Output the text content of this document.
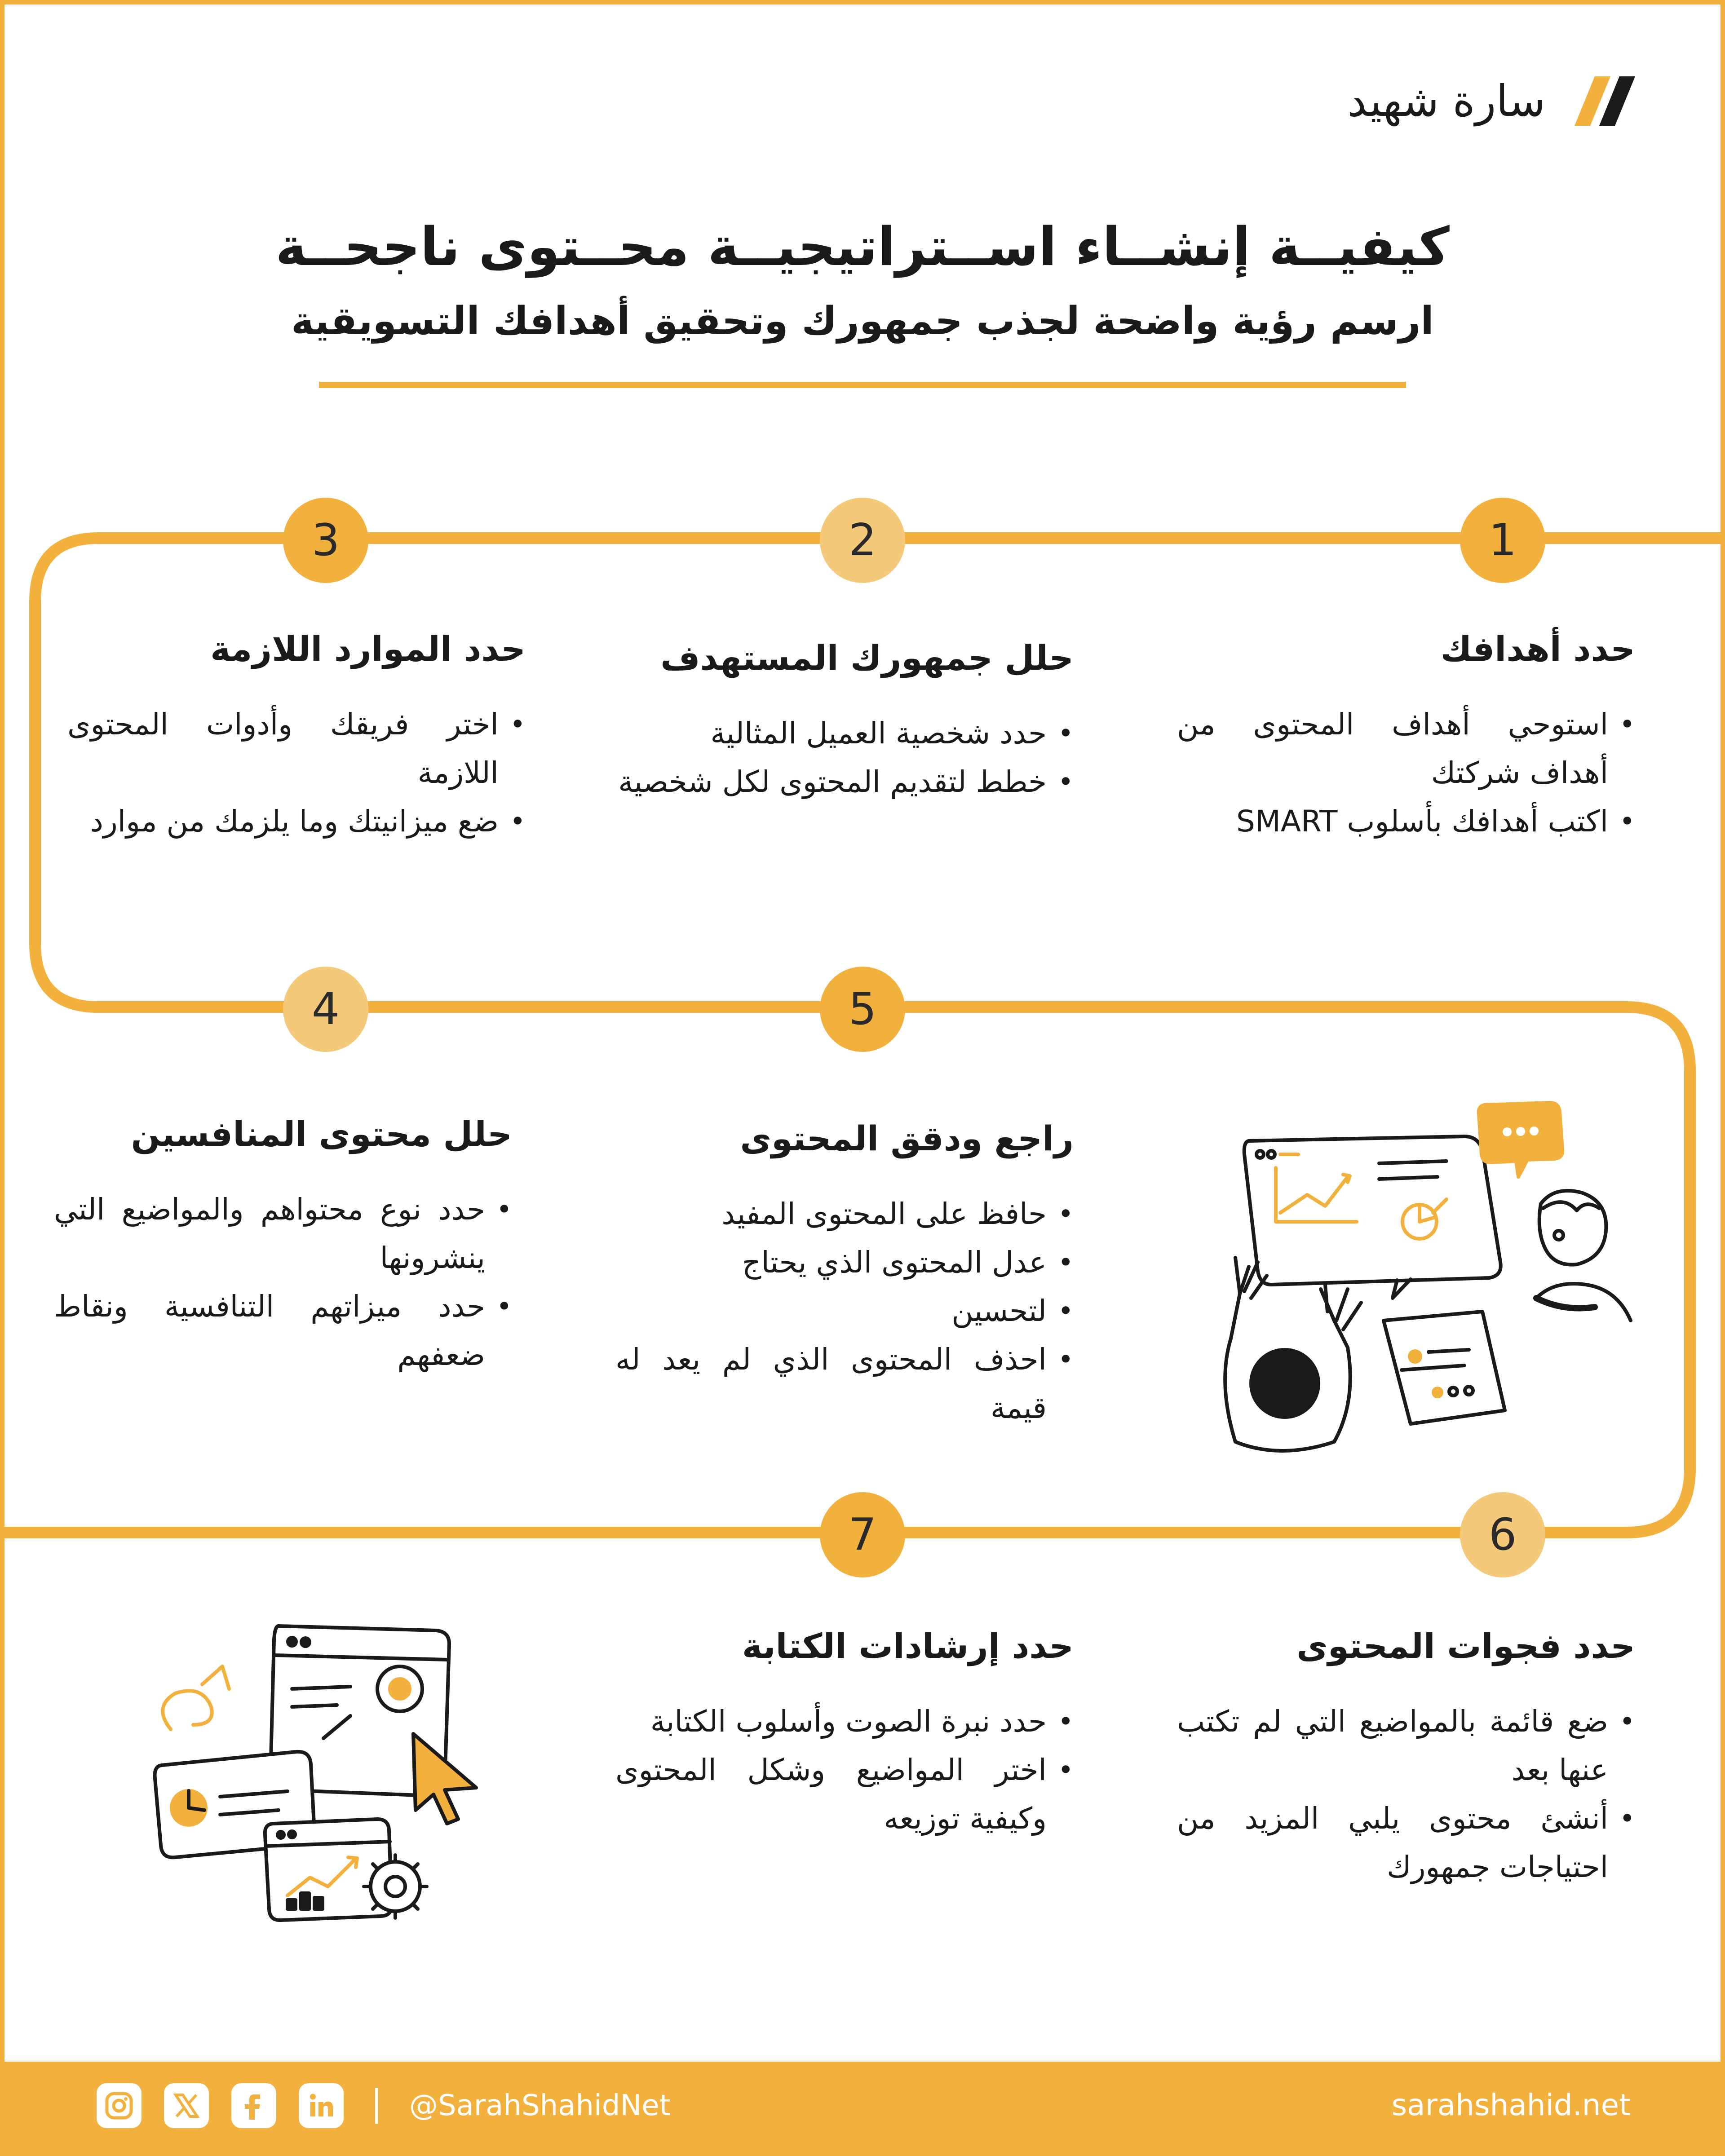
سارة شهيد
كيفيــة إنشــاء اســتراتيجيــة محــتوى ناجحــة
ارسم رؤية واضحة لجذب جمهورك وتحقيق أهدافك التسويقية
1
2
3
4	5
6
7
حدد أهدافك
• استوحي أهداف المحتوى من أهداف شركتك
• اكتب أهدافك بأسلوب SMART
حلل جمهورك المستهدف
• حدد شخصية العميل المثالية
• خطط لتقديم المحتوى لكل شخصية
حدد الموارد اللازمة
• اختر فريقك وأدوات المحتوى اللازمة
• ضع ميزانيتك وما يلزمك من موارد
حلل محتوى المنافسين
• حدد نوع محتواهم والمواضيع التي ينشرونها
• حدد ميزاتهم التنافسية ونقاط ضعفهم
راجع ودقق المحتوى
• حافظ على المحتوى المفيد
• عدل المحتوى الذي يحتاج
• لتحسين
• احذف المحتوى الذي لم يعد له قيمة
حدد فجوات المحتوى
• ضع قائمة بالمواضيع التي لم تكتب عنها بعد
• أنشئ محتوى يلبي المزيد من احتياجات جمهورك
حدد إرشادات الكتابة
• حدد نبرة الصوت وأسلوب الكتابة
• اختر المواضيع وشكل المحتوى وكيفية توزيعه
@SarahShahidNet	sarahshahid.net
